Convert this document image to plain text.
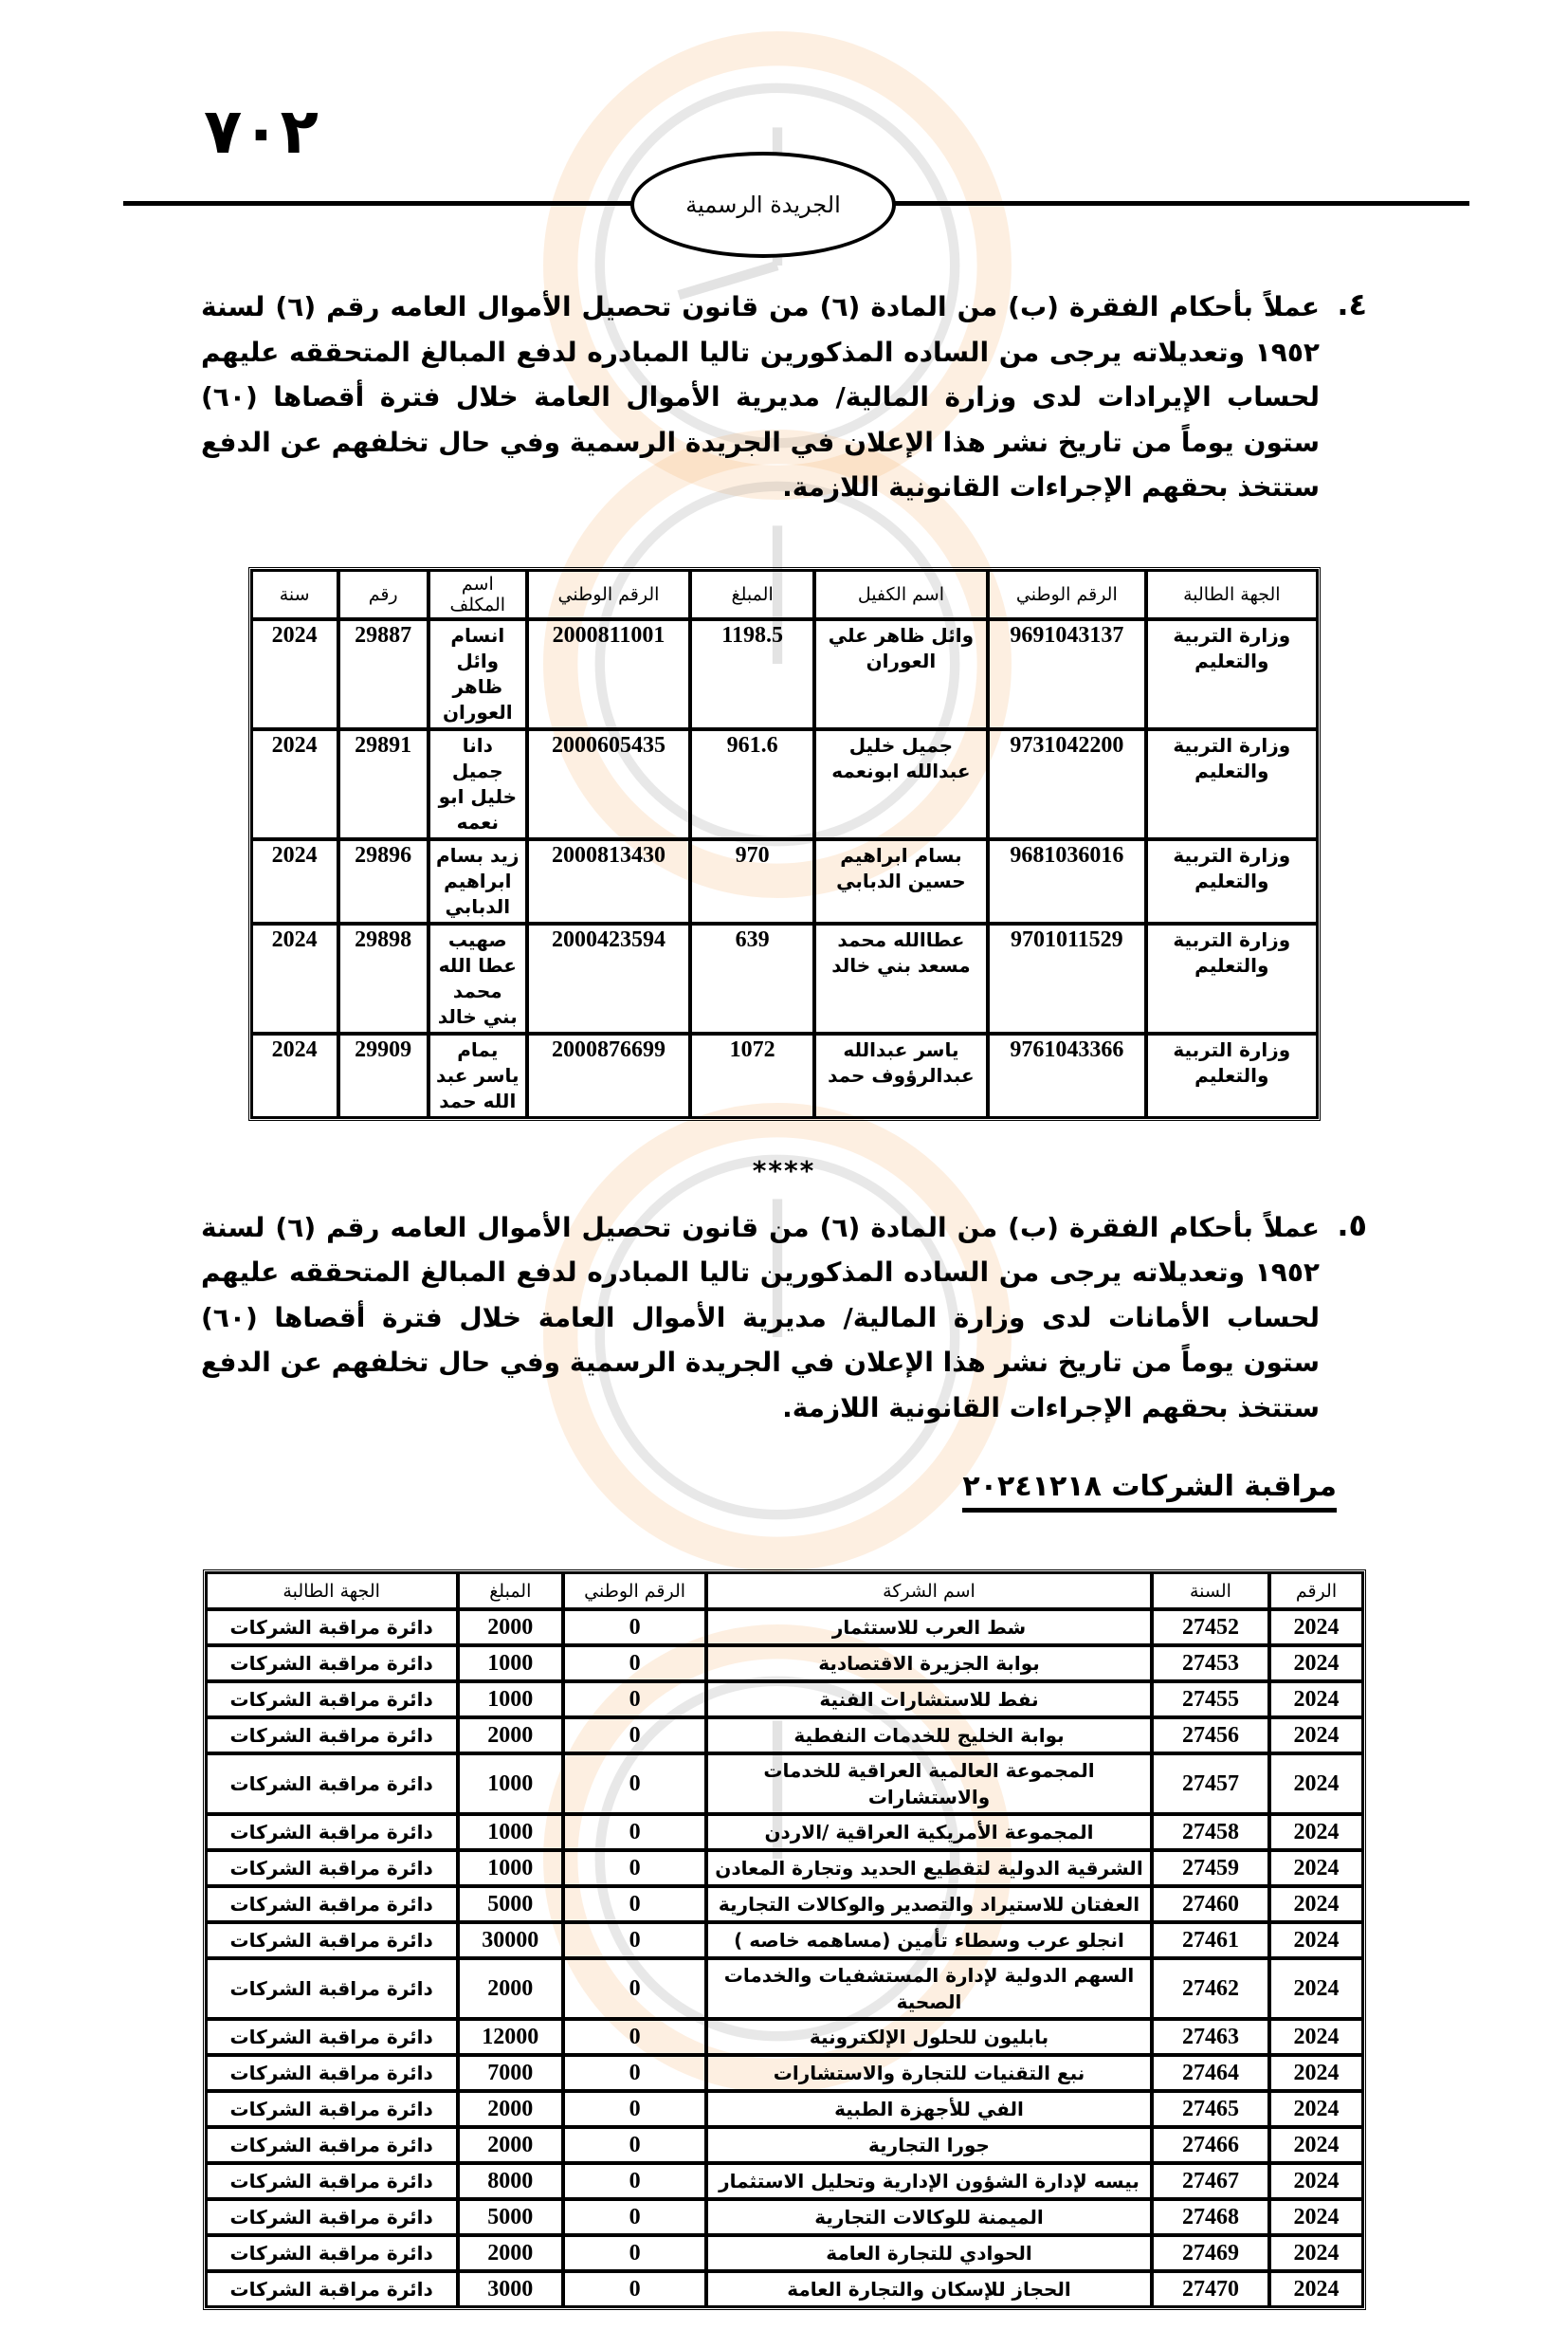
٧٠٢
الجريدة الرسمية
٤.
عملاً بأحكام الفقرة (ب) من المادة (٦) من قانون تحصيل الأموال العامه رقم (٦) لسنة ١٩٥٢ وتعديلاته يرجى من الساده المذكورين تاليا المبادره لدفع المبالغ المتحققه عليهم لحساب الإيرادات لدى وزارة المالية/ مديرية الأموال العامة خلال فترة أقصاها (٦٠) ستون يوماً من تاريخ نشر هذا الإعلان في الجريدة الرسمية وفي حال تخلفهم عن الدفع ستتخذ بحقهم الإجراءات القانونية اللازمة.
الجهة الطالبة	الرقم الوطني	اسم الكفيل	المبلغ	الرقم الوطني	اسم المكلف	رقم	سنة
وزارة التربية والتعليم	9691043137	وائل ظاهر علي العوران	1198.5	2000811001	انسام وائل ظاهر العوران	29887	2024
وزارة التربية والتعليم	9731042200	جميل خليل عبدالله ابونعمه	961.6	2000605435	دانا جميل خليل ابو نعمه	29891	2024
وزارة التربية والتعليم	9681036016	بسام ابراهيم حسين الدبابي	970	2000813430	زيد بسام ابراهيم الدبابي	29896	2024
وزارة التربية والتعليم	9701011529	عطاالله محمد مسعد بني خالد	639	2000423594	صهيب عطا الله محمد بني خالد	29898	2024
وزارة التربية والتعليم	9761043366	ياسر عبدالله عبدالرؤوف حمد	1072	2000876699	يمام ياسر عبد الله حمد	29909	2024
****
٥.
عملاً بأحكام الفقرة (ب) من المادة (٦) من قانون تحصيل الأموال العامه رقم (٦) لسنة ١٩٥٢ وتعديلاته يرجى من الساده المذكورين تاليا المبادره لدفع المبالغ المتحققه عليهم لحساب الأمانات لدى وزارة المالية/ مديرية الأموال العامة خلال فترة أقصاها (٦٠) ستون يوماً من تاريخ نشر هذا الإعلان في الجريدة الرسمية وفي حال تخلفهم عن الدفع ستتخذ بحقهم الإجراءات القانونية اللازمة.
مراقبة الشركات ٢٠٢٤١٢١٨
الرقم	السنة	اسم الشركة	الرقم الوطني	المبلغ	الجهة الطالبة
2024	27452	شط العرب للاستثمار	0	2000	دائرة مراقبة الشركات
2024	27453	بوابة الجزيرة الاقتصادية	0	1000	دائرة مراقبة الشركات
2024	27455	نفط للاستشارات الفنية	0	1000	دائرة مراقبة الشركات
2024	27456	بوابة الخليج للخدمات النفطية	0	2000	دائرة مراقبة الشركات
2024	27457	المجموعة العالمية العراقية للخدمات والاستشارات	0	1000	دائرة مراقبة الشركات
2024	27458	المجموعة الأمريكية العراقية /الاردن	0	1000	دائرة مراقبة الشركات
2024	27459	الشرقية الدولية لتقطيع الحديد وتجارة المعادن	0	1000	دائرة مراقبة الشركات
2024	27460	العفتان للاستيراد والتصدير والوكالات التجارية	0	5000	دائرة مراقبة الشركات
2024	27461	انجلو عرب وسطاء تأمين (مساهمه خاصه )	0	30000	دائرة مراقبة الشركات
2024	27462	السهم الدولية لإدارة المستشفيات والخدمات الصحية	0	2000	دائرة مراقبة الشركات
2024	27463	بابليون للحلول الإلكترونية	0	12000	دائرة مراقبة الشركات
2024	27464	نبع التقنيات للتجارة والاستشارات	0	7000	دائرة مراقبة الشركات
2024	27465	الفي للأجهزة الطبية	0	2000	دائرة مراقبة الشركات
2024	27466	جورا التجارية	0	2000	دائرة مراقبة الشركات
2024	27467	بيسه لإدارة الشؤون الإدارية وتحليل الاستثمار	0	8000	دائرة مراقبة الشركات
2024	27468	الميمنة للوكالات التجارية	0	5000	دائرة مراقبة الشركات
2024	27469	الحوادي للتجارة العامة	0	2000	دائرة مراقبة الشركات
2024	27470	الحجاز للإسكان والتجارة العامة	0	3000	دائرة مراقبة الشركات
